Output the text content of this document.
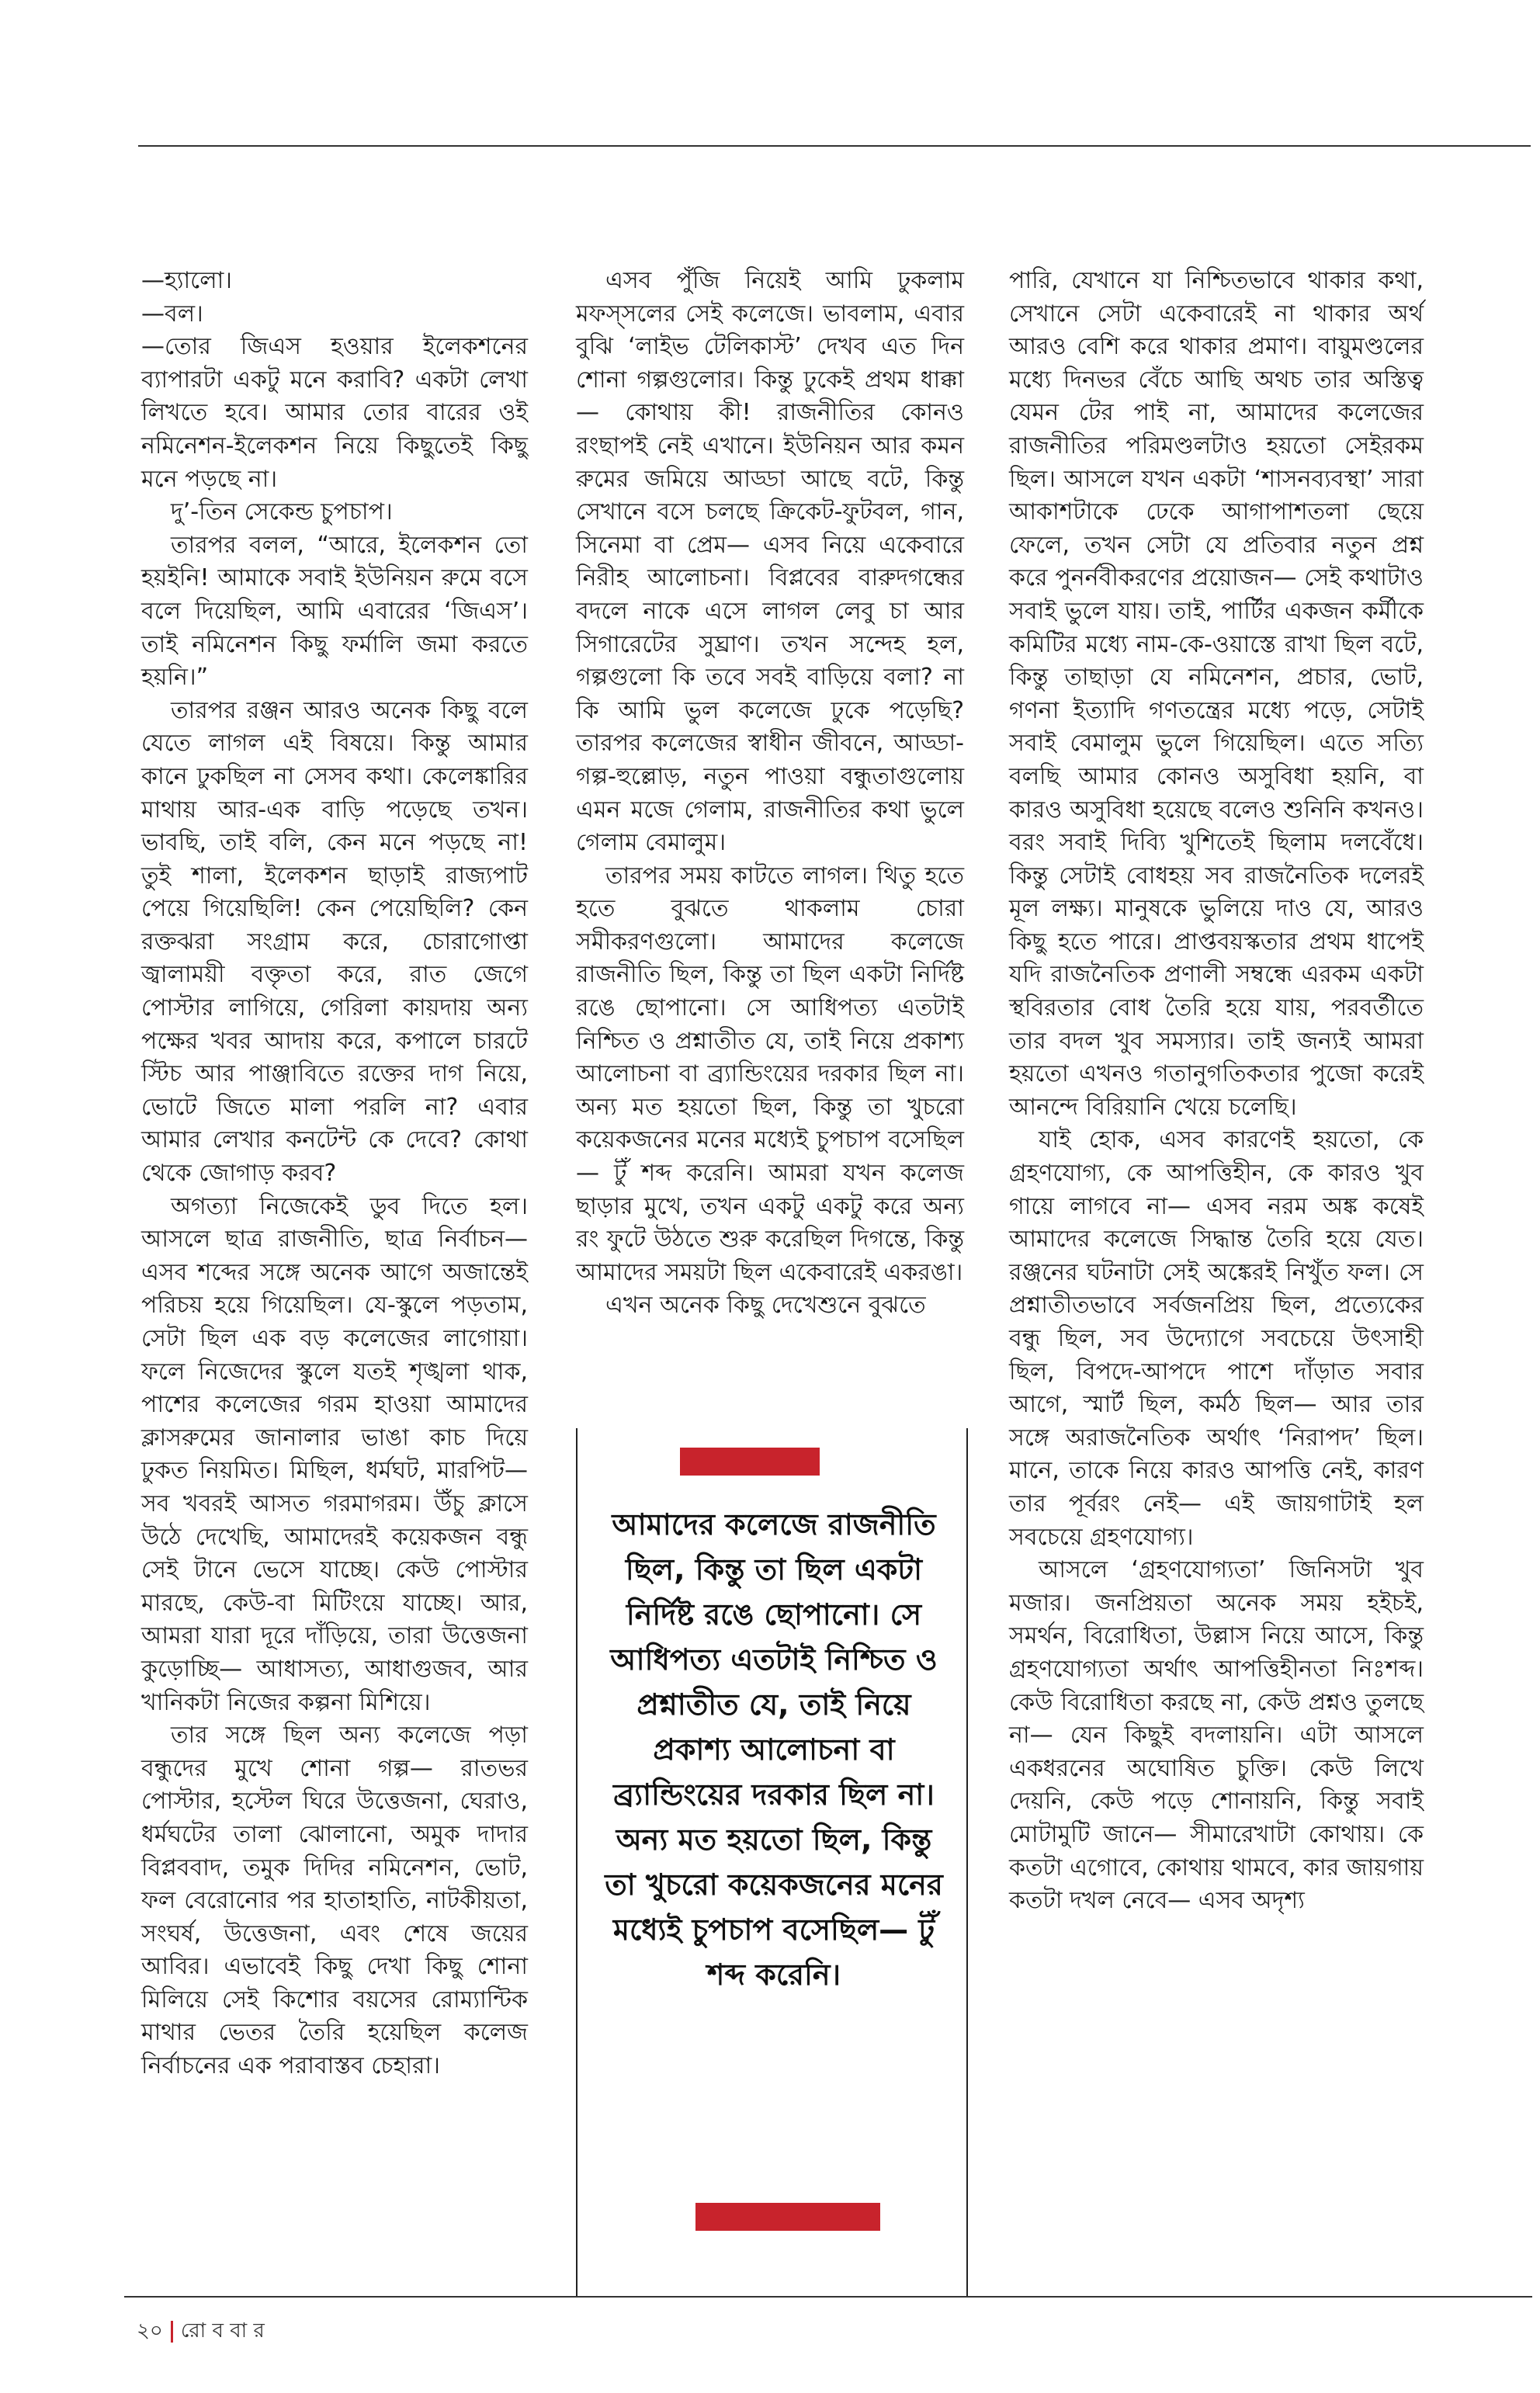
—হ্যালো।

—বল।

—তোর জিএস হওয়ার ইলেকশনের ব্যাপারটা একটু মনে করাবি? একটা লেখা লিখতে হবে। আমার তোর বারের ওই নমিনেশন-ইলেকশন নিয়ে কিছুতেই কিছু মনে পড়ছে না।

দু’-তিন সেকেন্ড চুপচাপ।

তারপর বলল, “আরে, ইলেকশন তো হয়ইনি! আমাকে সবাই ইউনিয়ন রুমে বসে বলে দিয়েছিল, আমি এবারের ‘জিএস’। তাই নমিনেশন কিছু ফর্মালি জমা করতে হয়নি।”

তারপর রঞ্জন আরও অনেক কিছু বলে যেতে লাগল এই বিষয়ে। কিন্তু আমার কানে ঢুকছিল না সেসব কথা। কেলেঙ্কারির মাথায় আর-এক বাড়ি পড়েছে তখন। ভাবছি, তাই বলি, কেন মনে পড়ছে না! তুই শালা, ইলেকশন ছাড়াই রাজ্যপাট পেয়ে গিয়েছিলি! কেন পেয়েছিলি? কেন রক্তঝরা সংগ্রাম করে, চোরাগোপ্তা জ্বালাময়ী বক্তৃতা করে, রাত জেগে পোস্টার লাগিয়ে, গেরিলা কায়দায় অন্য পক্ষের খবর আদায় করে, কপালে চারটে স্টিচ আর পাঞ্জাবিতে রক্তের দাগ নিয়ে, ভোটে জিতে মালা পরলি না? এবার আমার লেখার কনটেন্ট কে দেবে? কোথা থেকে জোগাড় করব?

অগত্যা নিজেকেই ডুব দিতে হল। আসলে ছাত্র রাজনীতি, ছাত্র নির্বাচন— এসব শব্দের সঙ্গে অনেক আগে অজান্তেই পরিচয় হয়ে গিয়েছিল। যে-স্কুলে পড়তাম, সেটা ছিল এক বড় কলেজের লাগোয়া। ফলে নিজেদের স্কুলে যতই শৃঙ্খলা থাক, পাশের কলেজের গরম হাওয়া আমাদের ক্লাসরুমের জানালার ভাঙা কাচ দিয়ে ঢুকত নিয়মিত। মিছিল, ধর্মঘট, মারপিট— সব খবরই আসত গরমাগরম। উঁচু ক্লাসে উঠে দেখেছি, আমাদেরই কয়েকজন বন্ধু সেই টানে ভেসে যাচ্ছে। কেউ পোস্টার মারছে, কেউ-বা মিটিংয়ে যাচ্ছে। আর, আমরা যারা দূরে দাঁড়িয়ে, তারা উত্তেজনা কুড়োচ্ছি— আধাসত্য, আধাগুজব, আর খানিকটা নিজের কল্পনা মিশিয়ে।

তার সঙ্গে ছিল অন্য কলেজে পড়া বন্ধুদের মুখে শোনা গল্প— রাতভর পোস্টার, হস্টেল ঘিরে উত্তেজনা, ঘেরাও, ধর্মঘটের তালা ঝোলানো, অমুক দাদার বিপ্লববাদ, তমুক দিদির নমিনেশন, ভোট, ফল বেরোনোর পর হাতাহাতি, নাটকীয়তা, সংঘর্ষ, উত্তেজনা, এবং শেষে জয়ের আবির। এভাবেই কিছু দেখা কিছু শোনা মিলিয়ে সেই কিশোর বয়সের রোম্যান্টিক মাথার ভেতর তৈরি হয়েছিল কলেজ নির্বাচনের এক পরাবাস্তব চেহারা।

এসব পুঁজি নিয়েই আমি ঢুকলাম মফস্সলের সেই কলেজে। ভাবলাম, এবার বুঝি ‘লাইভ টেলিকাস্ট’ দেখব এত দিন শোনা গল্পগুলোর। কিন্তু ঢুকেই প্রথম ধাক্কা— কোথায় কী! রাজনীতির কোনও রংছাপই নেই এখানে। ইউনিয়ন আর কমন রুমের জমিয়ে আড্ডা আছে বটে, কিন্তু সেখানে বসে চলছে ক্রিকেট-ফুটবল, গান, সিনেমা বা প্রেম— এসব নিয়ে একেবারে নিরীহ আলোচনা। বিপ্লবের বারুদগন্ধের বদলে নাকে এসে লাগল লেবু চা আর সিগারেটের সুঘ্রাণ। তখন সন্দেহ হল, গল্পগুলো কি তবে সবই বাড়িয়ে বলা? না কি আমি ভুল কলেজে ঢুকে পড়েছি? তারপর কলেজের স্বাধীন জীবনে, আড্ডা-গল্প-হুল্লোড়, নতুন পাওয়া বন্ধুতাগুলোয় এমন মজে গেলাম, রাজনীতির কথা ভুলে গেলাম বেমালুম।

তারপর সময় কাটতে লাগল। থিতু হতে হতে বুঝতে থাকলাম চোরা সমীকরণগুলো। আমাদের কলেজে রাজনীতি ছিল, কিন্তু তা ছিল একটা নির্দিষ্ট রঙে ছোপানো। সে আধিপত্য এতটাই নিশ্চিত ও প্রশ্নাতীত যে, তাই নিয়ে প্রকাশ্য আলোচনা বা ব্র্যান্ডিংয়ের দরকার ছিল না। অন্য মত হয়তো ছিল, কিন্তু তা খুচরো কয়েকজনের মনের মধ্যেই চুপচাপ বসেছিল— টুঁ শব্দ করেনি। আমরা যখন কলেজ ছাড়ার মুখে, তখন একটু একটু করে অন্য রং ফুটে উঠতে শুরু করেছিল দিগন্তে, কিন্তু আমাদের সময়টা ছিল একেবারেই একরঙা।

এখন অনেক কিছু দেখেশুনে বুঝতে

আমাদের কলেজে রাজনীতি ছিল, কিন্তু তা ছিল একটা নির্দিষ্ট রঙে ছোপানো। সে আধিপত্য এতটাই নিশ্চিত ও প্রশ্নাতীত যে, তাই নিয়ে প্রকাশ্য আলোচনা বা ব্র্যান্ডিংয়ের দরকার ছিল না। অন্য মত হয়তো ছিল, কিন্তু তা খুচরো কয়েকজনের মনের মধ্যেই চুপচাপ বসেছিল— টুঁ শব্দ করেনি।

পারি, যেখানে যা নিশ্চিতভাবে থাকার কথা, সেখানে সেটা একেবারেই না থাকার অর্থ আরও বেশি করে থাকার প্রমাণ। বায়ুমণ্ডলের মধ্যে দিনভর বেঁচে আছি অথচ তার অস্তিত্ব যেমন টের পাই না, আমাদের কলেজের রাজনীতির পরিমণ্ডলটাও হয়তো সেইরকম ছিল। আসলে যখন একটা ‘শাসনব্যবস্থা’ সারা আকাশটাকে ঢেকে আগাপাশতলা ছেয়ে ফেলে, তখন সেটা যে প্রতিবার নতুন প্রশ্ন করে পুনর্নবীকরণের প্রয়োজন— সেই কথাটাও সবাই ভুলে যায়। তাই, পার্টির একজন কর্মীকে কমিটির মধ্যে নাম-কে-ওয়াস্তে রাখা ছিল বটে, কিন্তু তাছাড়া যে নমিনেশন, প্রচার, ভোট, গণনা ইত্যাদি গণতন্ত্রের মধ্যে পড়ে, সেটাই সবাই বেমালুম ভুলে গিয়েছিল। এতে সত্যি বলছি আমার কোনও অসুবিধা হয়নি, বা কারও অসুবিধা হয়েছে বলেও শুনিনি কখনও। বরং সবাই দিব্যি খুশিতেই ছিলাম দলবেঁধে। কিন্তু সেটাই বোধহয় সব রাজনৈতিক দলেরই মূল লক্ষ্য। মানুষকে ভুলিয়ে দাও যে, আরও কিছু হতে পারে। প্রাপ্তবয়স্কতার প্রথম ধাপেই যদি রাজনৈতিক প্রণালী সম্বন্ধে এরকম একটা স্থবিরতার বোধ তৈরি হয়ে যায়, পরবর্তীতে তার বদল খুব সমস্যার। তাই জন্যই আমরা হয়তো এখনও গতানুগতিকতার পুজো করেই আনন্দে বিরিয়ানি খেয়ে চলেছি।

যাই হোক, এসব কারণেই হয়তো, কে গ্রহণযোগ্য, কে আপত্তিহীন, কে কারও খুব গায়ে লাগবে না— এসব নরম অঙ্ক কষেই আমাদের কলেজে সিদ্ধান্ত তৈরি হয়ে যেত। রঞ্জনের ঘটনাটা সেই অঙ্কেরই নিখুঁত ফল। সে প্রশ্নাতীতভাবে সর্বজনপ্রিয় ছিল, প্রত্যেকের বন্ধু ছিল, সব উদ্যোগে সবচেয়ে উৎসাহী ছিল, বিপদে-আপদে পাশে দাঁড়াত সবার আগে, স্মার্ট ছিল, কর্মঠ ছিল— আর তার সঙ্গে অরাজনৈতিক অর্থাৎ ‘নিরাপদ’ ছিল। মানে, তাকে নিয়ে কারও আপত্তি নেই, কারণ তার পূর্বরং নেই— এই জায়গাটাই হল সবচেয়ে গ্রহণযোগ্য।

আসলে ‘গ্রহণযোগ্যতা’ জিনিসটা খুব মজার। জনপ্রিয়তা অনেক সময় হইচই, সমর্থন, বিরোধিতা, উল্লাস নিয়ে আসে, কিন্তু গ্রহণযোগ্যতা অর্থাৎ আপত্তিহীনতা নিঃশব্দ। কেউ বিরোধিতা করছে না, কেউ প্রশ্নও তুলছে না— যেন কিছুই বদলায়নি। এটা আসলে একধরনের অঘোষিত চুক্তি। কেউ লিখে দেয়নি, কেউ পড়ে শোনায়নি, কিন্তু সবাই মোটামুটি জানে— সীমারেখাটা কোথায়। কে কতটা এগোবে, কোথায় থামবে, কার জায়গায় কতটা দখল নেবে— এসব অদৃশ্য

২০ রো ব বা র
